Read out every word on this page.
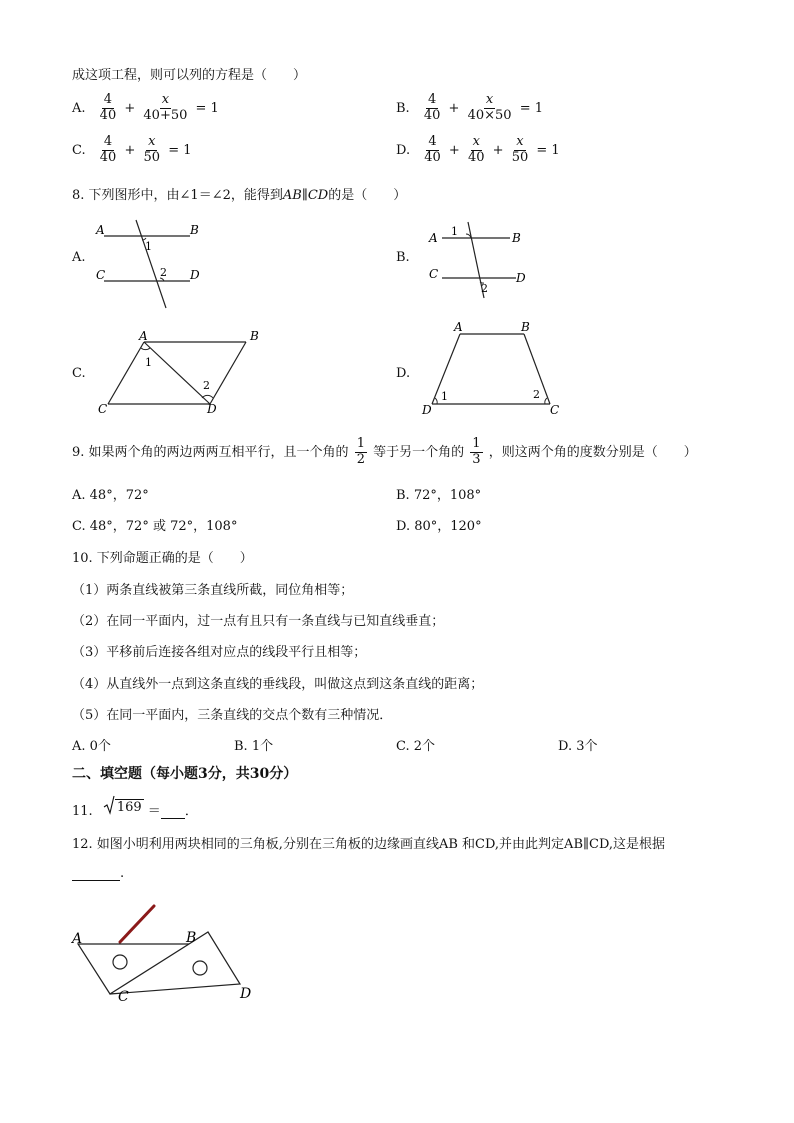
成这项工程，则可以列的方程是（　　）
A. $\frac{4}{40} + \frac{x}{40+50} = 1$	B. $\frac{4}{40} + \frac{x}{40\times 50} = 1$
C. $\frac{4}{40} + \frac{x}{50} = 1$	D. $\frac{4}{40} + \frac{x}{40} + \frac{x}{50} = 1$
8. 下列图形中，由∠1＝∠2，能得到AB∥CD的是（　　）
A.
A	B
C	D
1
2
B.
A	B
C	D
1
2
C.
A	B
C	D
1
2
D.
A	B
C
D
1	2
9. 如果两个角的两边两两互相平行，且一个角的 $\frac{1}{2}$ 等于另一个角的 $\frac{1}{3}$ ，则这两个角的度数分别是（　　）
A. 48°，72°	B. 72°，108°
C. 48°，72° 或 72°，108°	D. 80°，120°
10. 下列命题正确的是（　　）
（1）两条直线被第三条直线所截，同位角相等；
（2）在同一平面内，过一点有且只有一条直线与已知直线垂直；
（3）平移前后连接各组对应点的线段平行且相等；
（4）从直线外一点到这条直线的垂线段，叫做这点到这条直线的距离；
（5）在同一平面内，三条直线的交点个数有三种情况．
A. 0个	B. 1个	C. 2个	D. 3个
二、填空题（每小题3分，共30分）
11. 169 ＝ ．
12. 如图小明利用两块相同的三角板,分别在三角板的边缘画直线AB 和CD,并由此判定AB∥CD,这是根据
.
A	B
C	D
